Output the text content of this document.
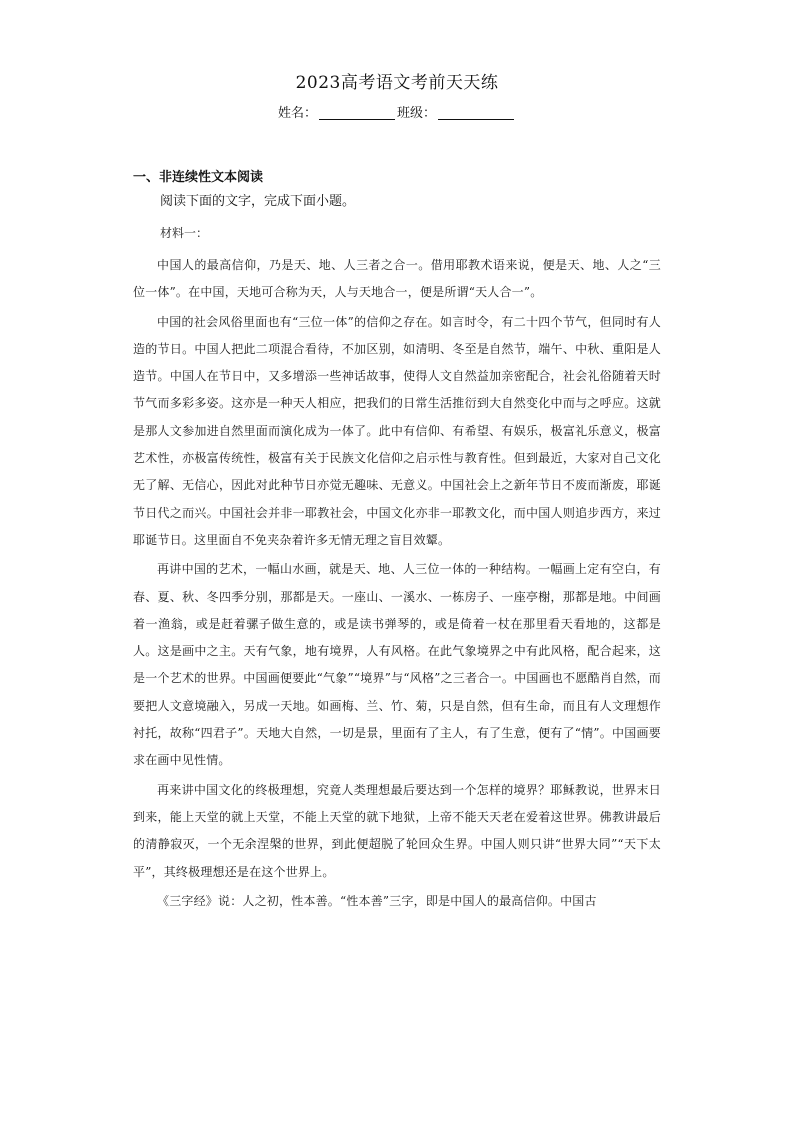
2023高考语文考前天天练
姓名：	班级：
一、非连续性文本阅读
阅读下面的文字，完成下面小题。
材料一：

中国人的最高信仰，乃是天、地、人三者之合一。借用耶教术语来说，便是天、地、人之“三位一体”。在中国，天地可合称为天，人与天地合一，便是所谓“天人合一”。

中国的社会风俗里面也有“三位一体”的信仰之存在。如言时令，有二十四个节气，但同时有人造的节日。中国人把此二项混合看待，不加区别，如清明、冬至是自然节，端午、中秋、重阳是人造节。中国人在节日中，又多增添一些神话故事，使得人文自然益加亲密配合，社会礼俗随着天时节气而多彩多姿。这亦是一种天人相应，把我们的日常生活推衍到大自然变化中而与之呼应。这就是那人文参加进自然里面而演化成为一体了。此中有信仰、有希望、有娱乐，极富礼乐意义，极富艺术性，亦极富传统性，极富有关于民族文化信仰之启示性与教育性。但到最近，大家对自己文化无了解、无信心，因此对此种节日亦觉无趣味、无意义。中国社会上之新年节日不废而渐废，耶诞节日代之而兴。中国社会并非一耶教社会，中国文化亦非一耶教文化，而中国人则追步西方，来过耶诞节日。这里面自不免夹杂着许多无情无理之盲目效颦。

再讲中国的艺术，一幅山水画，就是天、地、人三位一体的一种结构。一幅画上定有空白，有春、夏、秋、冬四季分别，那都是天。一座山、一溪水、一栋房子、一座亭榭，那都是地。中间画着一渔翁，或是赶着骡子做生意的，或是读书弹琴的，或是倚着一杖在那里看天看地的，这都是人。这是画中之主。天有气象，地有境界，人有风格。在此气象境界之中有此风格，配合起来，这是一个艺术的世界。中国画便要此“气象”“境界”与“风格”之三者合一。中国画也不愿酷肖自然，而要把人文意境融入，另成一天地。如画梅、兰、竹、菊，只是自然，但有生命，而且有人文理想作衬托，故称“四君子”。天地大自然，一切是景，里面有了主人，有了生意，便有了“情”。中国画要求在画中见性情。

再来讲中国文化的终极理想，究竟人类理想最后要达到一个怎样的境界？耶稣教说，世界末日到来，能上天堂的就上天堂，不能上天堂的就下地狱，上帝不能天天老在爱着这世界。佛教讲最后的清静寂灭，一个无余涅槃的世界，到此便超脱了轮回众生界。中国人则只讲“世界大同”“天下太平”，其终极理想还是在这个世界上。

《三字经》说：人之初，性本善。“性本善”三字，即是中国人的最高信仰。中国古
